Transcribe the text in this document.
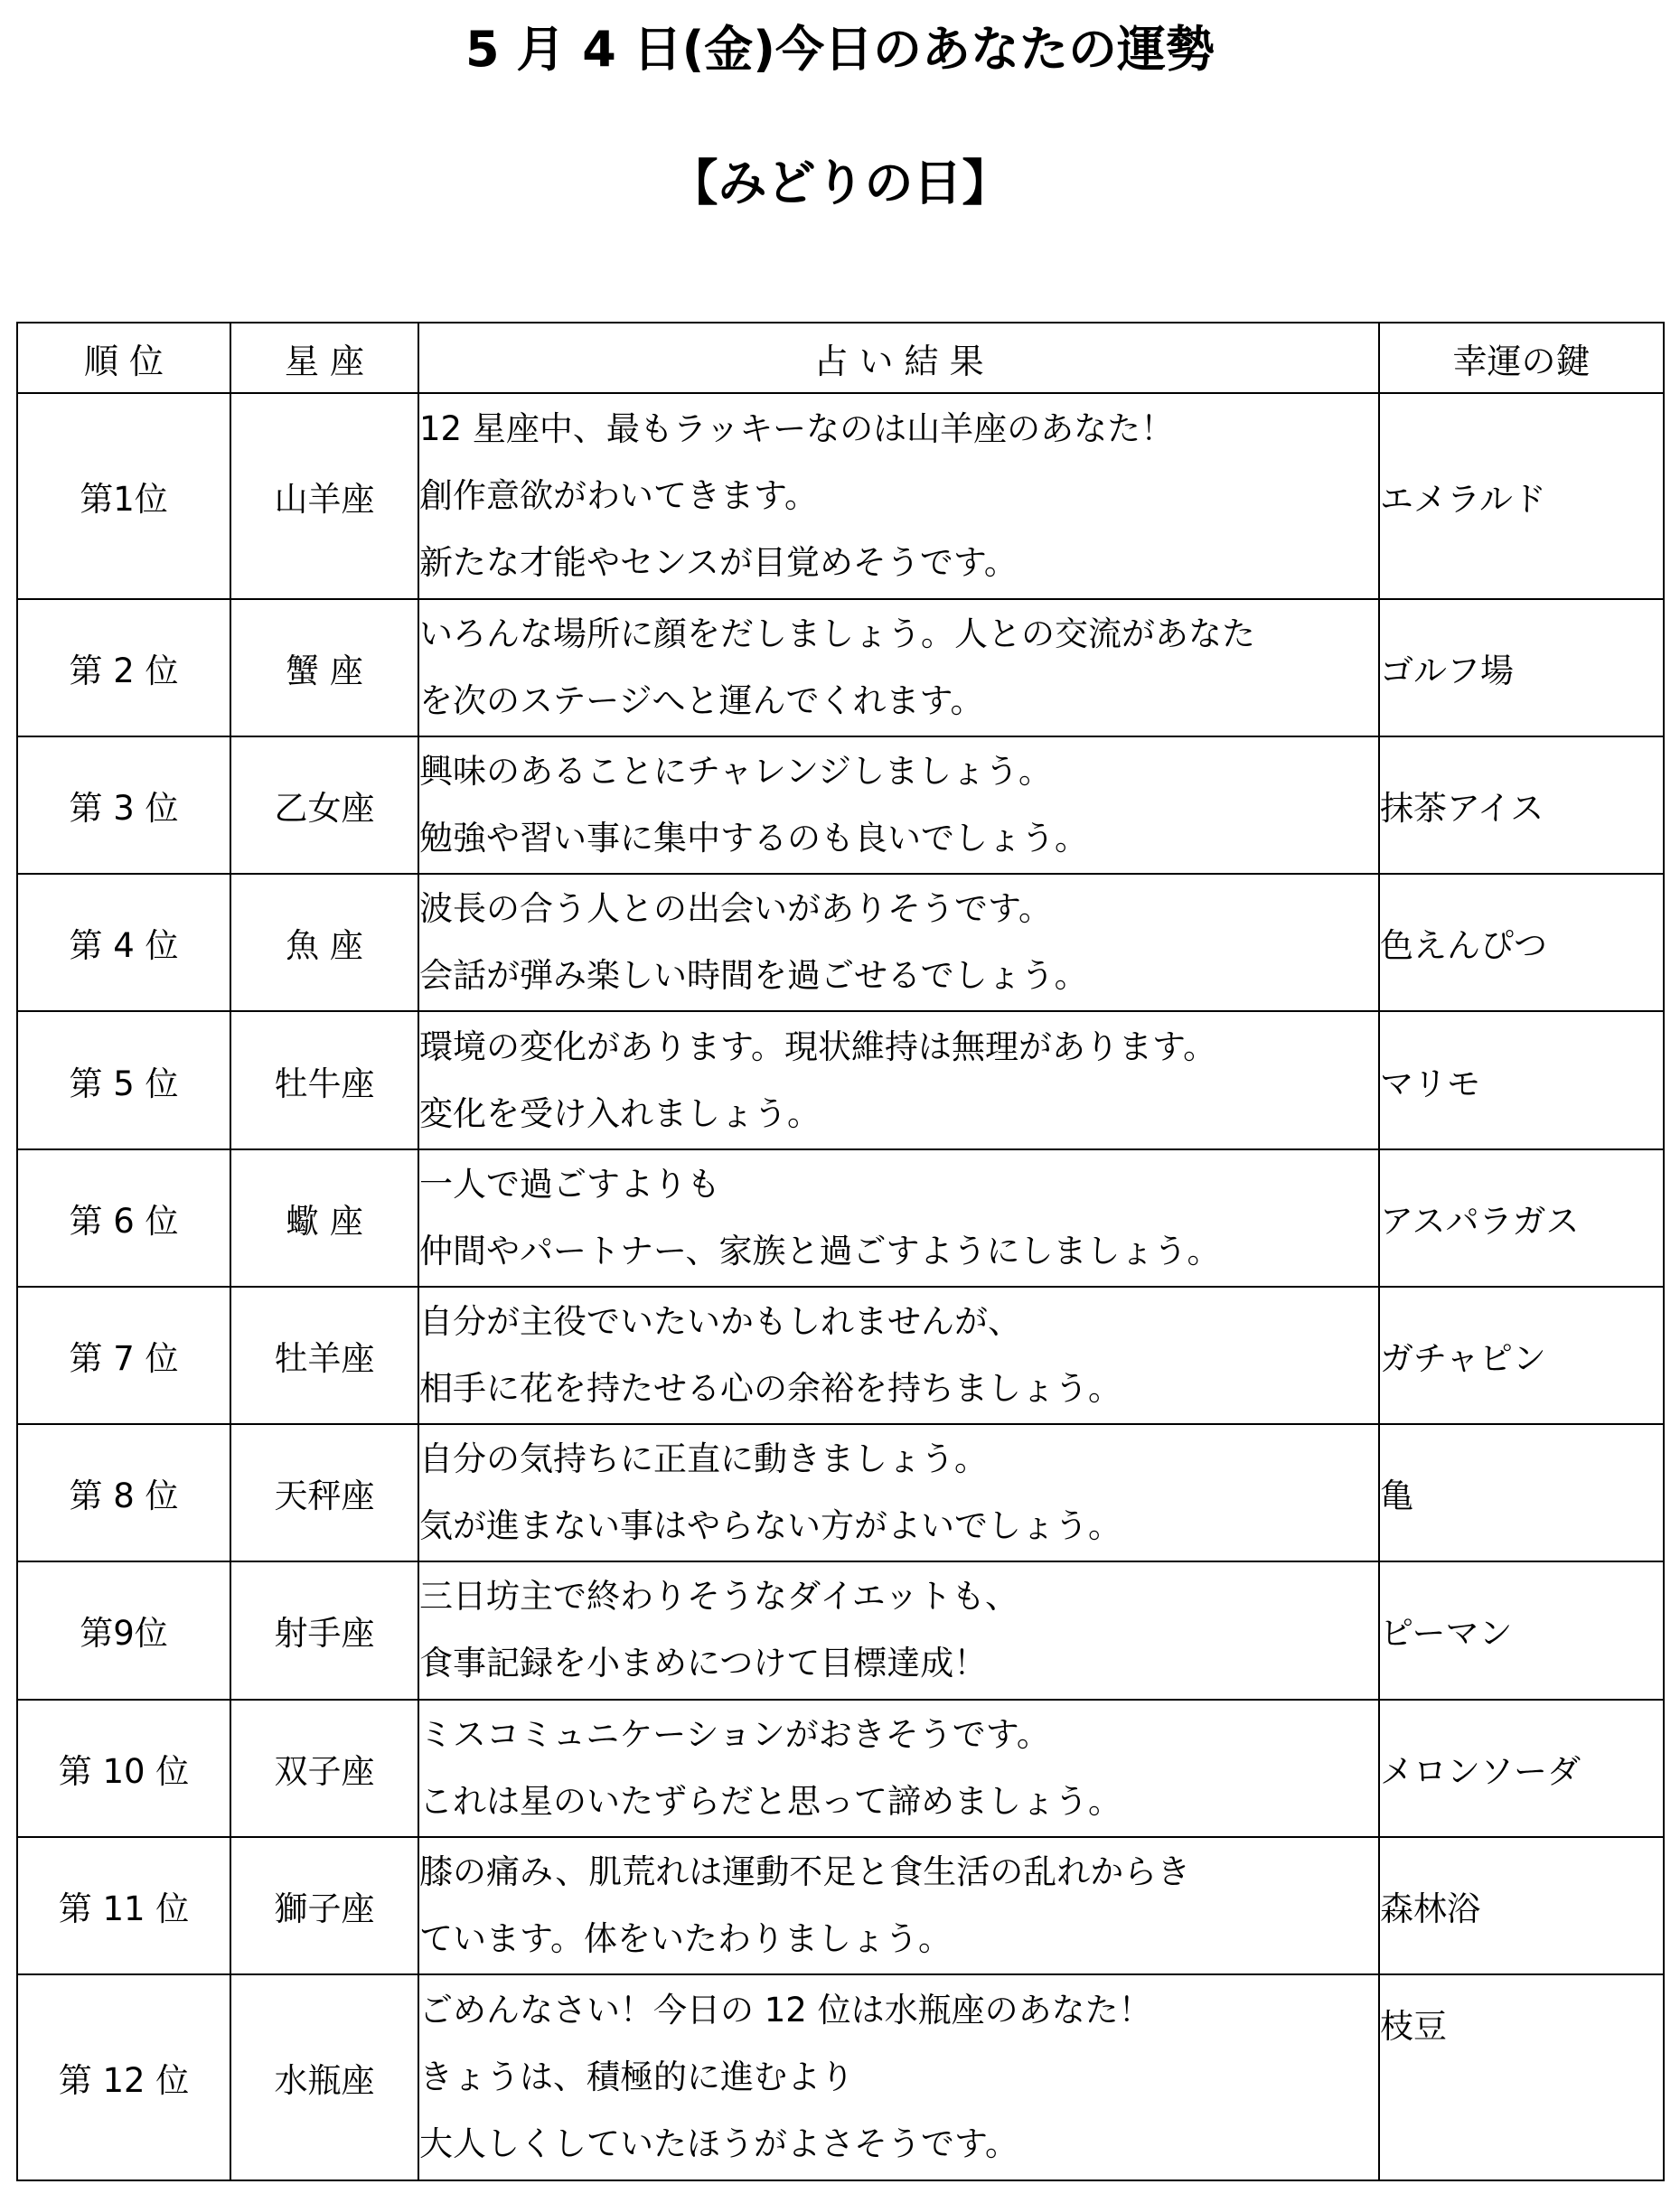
5 月 4 日(金)今日のあなたの運勢
【みどりの日】
順 位	星 座	占 い 結 果	幸運の鍵
第1位	山羊座	12 星座中、最もラッキーなのは山羊座のあなた！
創作意欲がわいてきます。
新たな才能やセンスが目覚めそうです。	エメラルド
第 2 位	蟹 座	いろんな場所に顔をだしましょう。人との交流があなた
を次のステージへと運んでくれます。	ゴルフ場
第 3 位	乙女座	興味のあることにチャレンジしましょう。
勉強や習い事に集中するのも良いでしょう。	抹茶アイス
第 4 位	魚 座	波長の合う人との出会いがありそうです。
会話が弾み楽しい時間を過ごせるでしょう。	色えんぴつ
第 5 位	牡牛座	環境の変化があります。現状維持は無理があります。
変化を受け入れましょう。	マリモ
第 6 位	蠍 座	一人で過ごすよりも
仲間やパートナー、家族と過ごすようにしましょう。	アスパラガス
第 7 位	牡羊座	自分が主役でいたいかもしれませんが、
相手に花を持たせる心の余裕を持ちましょう。	ガチャピン
第 8 位	天秤座	自分の気持ちに正直に動きましょう。
気が進まない事はやらない方がよいでしょう。	亀
第9位	射手座	三日坊主で終わりそうなダイエットも、
食事記録を小まめにつけて目標達成！	ピーマン
第 10 位	双子座	ミスコミュニケーションがおきそうです。
これは星のいたずらだと思って諦めましょう。	メロンソーダ
第 11 位	獅子座	膝の痛み、肌荒れは運動不足と食生活の乱れからき
ています。体をいたわりましょう。	森林浴
第 12 位	水瓶座	ごめんなさい！今日の 12 位は水瓶座のあなた！
きょうは、積極的に進むより
大人しくしていたほうがよさそうです。	枝豆
